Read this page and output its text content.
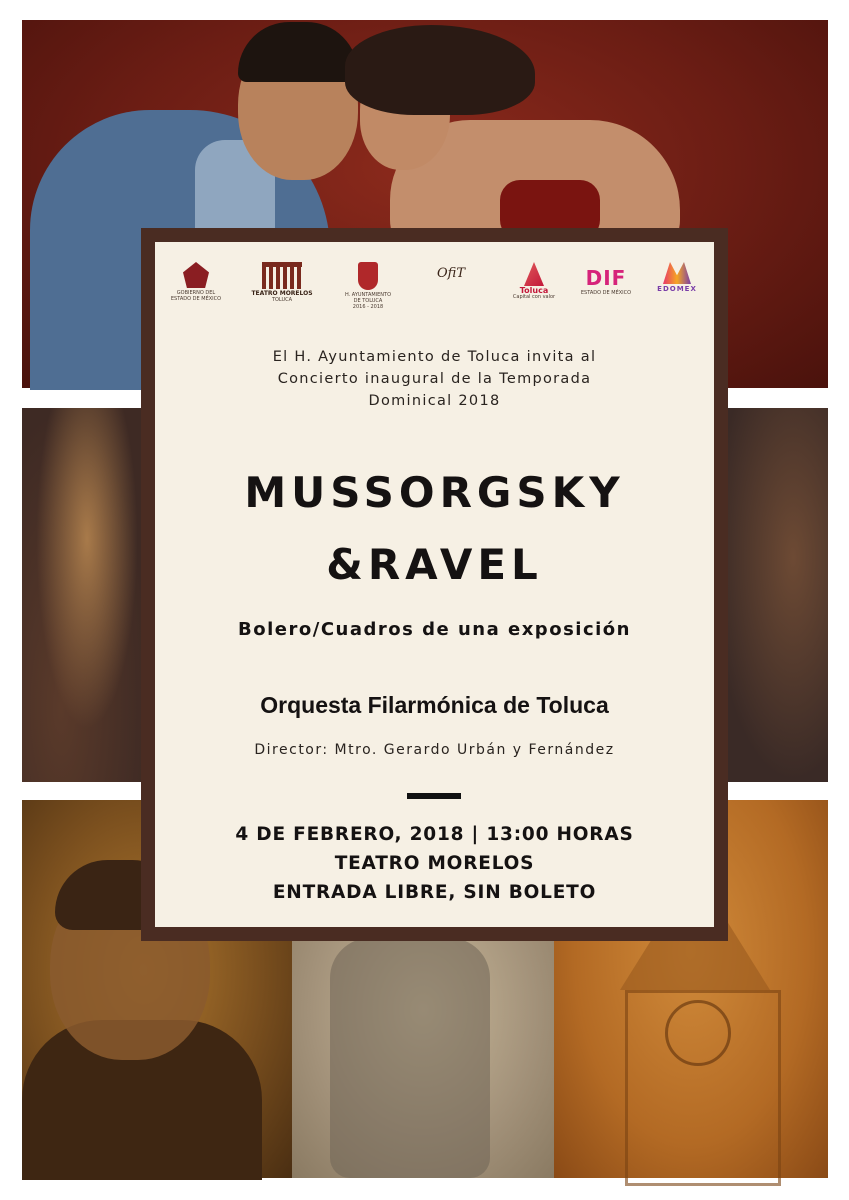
GOBIERNO DEL
ESTADO DE MÉXICO
TEATRO MORELOS
TOLUCA
H. AYUNTAMIENTO
DE TOLUCA
2016 - 2018
OfiT
Toluca
Capital con valor
DIF
ESTADO DE MÉXICO	EDOMEX
El H. Ayuntamiento de Toluca invita al
Concierto inaugural de la Temporada
Dominical 2018
MUSSORGSKY
&RAVEL
Bolero/Cuadros de una exposición
Orquesta Filarmónica de Toluca
Director: Mtro. Gerardo Urbán y Fernández
4 DE FEBRERO, 2018 | 13:00 HORAS
TEATRO MORELOS
ENTRADA LIBRE, SIN BOLETO
